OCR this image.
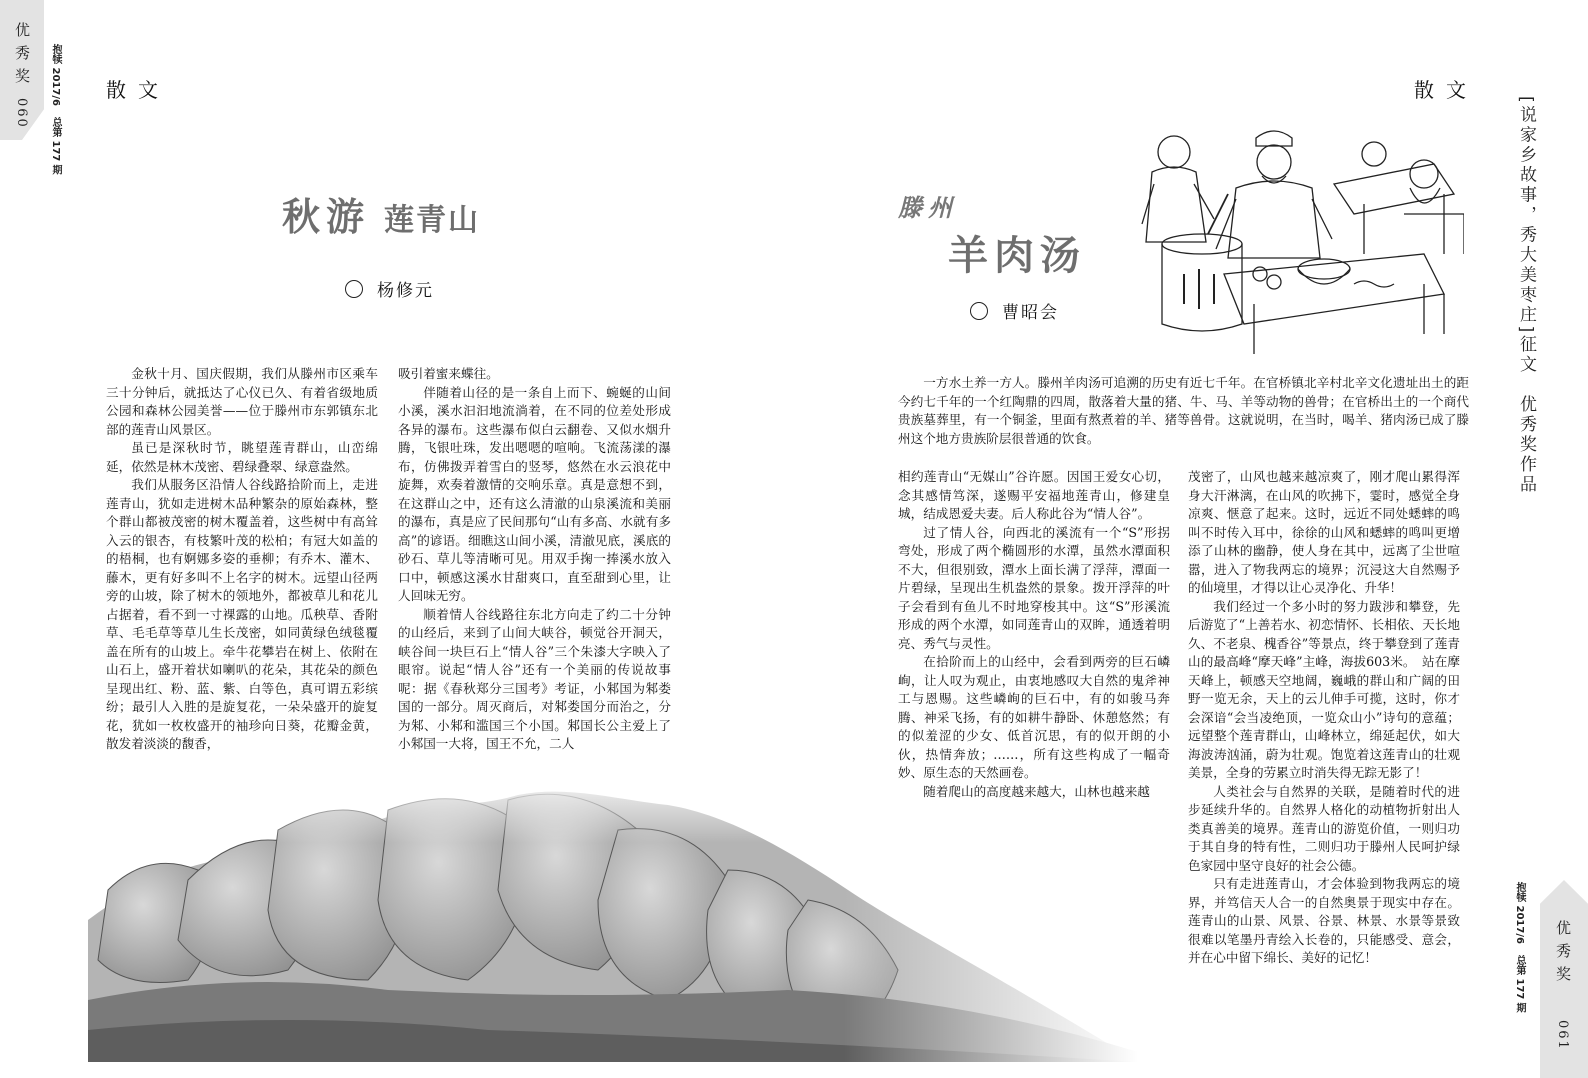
优秀奖
060
抱犊 2017/6 总第 177 期
散文
秋游 莲青山
杨修元

金秋十月、国庆假期，我们从滕州市区乘车三十分钟后，就抵达了心仪已久、有着省级地质公园和森林公园美誉——位于滕州市东郭镇东北部的莲青山风景区。

虽已是深秋时节，眺望莲青群山，山峦绵延，依然是林木茂密、碧绿叠翠、绿意盎然。

我们从服务区沿情人谷线路拾阶而上，走进莲青山，犹如走进树木品种繁杂的原始森林，整个群山都被茂密的树木覆盖着，这些树中有高耸入云的银杏，有枝繁叶茂的松柏；有冠大如盖的的梧桐，也有婀娜多姿的垂柳；有乔木、灌木、藤木，更有好多叫不上名字的树木。远望山径两旁的山坡，除了树木的领地外，都被草儿和花儿占据着，看不到一寸裸露的山地。瓜秧草、香附草、毛毛草等草儿生长茂密，如同黄绿色绒毯覆盖在所有的山坡上。牵牛花攀岩在树上、依附在山石上，盛开着状如喇叭的花朵，其花朵的颜色呈现出红、粉、蓝、紫、白等色，真可谓五彩缤纷；最引人入胜的是旋复花，一朵朵盛开的旋复花，犹如一枚枚盛开的袖珍向日葵，花瓣金黄，散发着淡淡的馥香，

吸引着蜜来蝶往。

伴随着山径的是一条自上而下、蜿蜒的山间小溪，溪水汩汩地流淌着，在不同的位差处形成各异的瀑布。这些瀑布似白云翻卷、又似水烟升腾，飞银吐珠，发出嗯嗯的喧响。飞流荡漾的瀑布，仿佛拨弄着雪白的竖琴，悠然在水云浪花中旋舞，欢奏着激情的交响乐章。真是意想不到，在这群山之中，还有这么清澈的山泉溪流和美丽的瀑布，真是应了民间那句“山有多高、水就有多高”的谚语。细瞧这山间小溪，清澈见底，溪底的砂石、草儿等清晰可见。用双手掬一捧溪水放入口中，顿感这溪水甘甜爽口，直至甜到心里，让人回味无穷。

顺着情人谷线路往东北方向走了约二十分钟的山经后，来到了山间大峡谷，顿觉谷开洞天，峡谷间一块巨石上“情人谷”三个朱漆大字映入了眼帘。说起“情人谷”还有一个美丽的传说故事呢：据《春秋郑分三国考》考证，小邾国为邾娄国的一部分。周灭商后，对邾娄国分而治之，分为邾、小邾和滥国三个小国。邾国长公主爱上了小邾国一大将，国王不允，二人

散文
[说家乡故事，秀大美枣庄]征文　优秀奖作品
抱犊 2017/6 总第 177 期 优秀奖
061
滕州
羊肉汤
曹昭会

一方水土养一方人。滕州羊肉汤可追溯的历史有近七千年。在官桥镇北辛村北辛文化遗址出土的距今约七千年的一个红陶鼎的四周，散落着大量的猪、牛、马、羊等动物的兽骨；在官桥出土的一个商代贵族墓葬里，有一个铜釜，里面有熬煮着的羊、猪等兽骨。这就说明，在当时，喝羊、猪肉汤已成了滕州这个地方贵族阶层很普通的饮食。

相约莲青山“无媒山”谷许愿。因国王爱女心切，念其感情笃深，遂赐平安福地莲青山，修建皇城，结成恩爱夫妻。后人称此谷为“情人谷”。

过了情人谷，向西北的溪流有一个“S”形拐弯处，形成了两个椭圆形的水潭，虽然水潭面积不大，但很别致，潭水上面长满了浮萍，潭面一片碧绿，呈现出生机盎然的景象。拨开浮萍的叶子会看到有鱼儿不时地穿梭其中。这“S”形溪流形成的两个水潭，如同莲青山的双眸，通透着明亮、秀气与灵性。

在拾阶而上的山经中，会看到两旁的巨石嶙峋，让人叹为观止，由衷地感叹大自然的鬼斧神工与恩赐。这些嶙峋的巨石中，有的如骏马奔腾、神采飞扬，有的如耕牛静卧、休憩悠然；有的似羞涩的少女、低首沉思，有的似开朗的小伙，热情奔放；……，所有这些构成了一幅奇妙、原生态的天然画卷。

随着爬山的高度越来越大，山林也越来越

茂密了，山风也越来越凉爽了，刚才爬山累得浑身大汗淋漓，在山风的吹拂下，霎时，感觉全身凉爽、惬意了起来。这时，远近不同处蟋蟀的鸣叫不时传入耳中，徐徐的山风和蟋蟀的鸣叫更增添了山林的幽静，使人身在其中，远离了尘世喧嚣，进入了物我两忘的境界；沉浸这大自然赐予的仙境里，才得以让心灵净化、升华！

我们经过一个多小时的努力跋涉和攀登，先后游览了“上善若水、初恋情怀、长相依、天长地久、不老泉、槐香谷”等景点，终于攀登到了莲青山的最高峰“摩天峰”主峰，海拔603米。　站在摩天峰上，顿感天空地阔，巍峨的群山和广阔的田野一览无余，天上的云儿伸手可揽，这时，你才会深谙“会当凌绝顶，一览众山小”诗句的意蕴；远望整个莲青群山，山峰林立，绵延起伏，如大海波涛汹涌，蔚为壮观。饱览着这莲青山的壮观美景，全身的劳累立时消失得无踪无影了！

人类社会与自然界的关联，是随着时代的进步延续升华的。自然界人格化的动植物折射出人类真善美的境界。莲青山的游览价值，一则归功于其自身的特有性，二则归功于滕州人民呵护绿色家园中坚守良好的社会公德。

只有走进莲青山，才会体验到物我两忘的境界，并笃信天人合一的自然奥景于现实中存在。莲青山的山景、风景、谷景、林景、水景等景致很难以笔墨丹青绘入长卷的，只能感受、意会，并在心中留下绵长、美好的记忆！
